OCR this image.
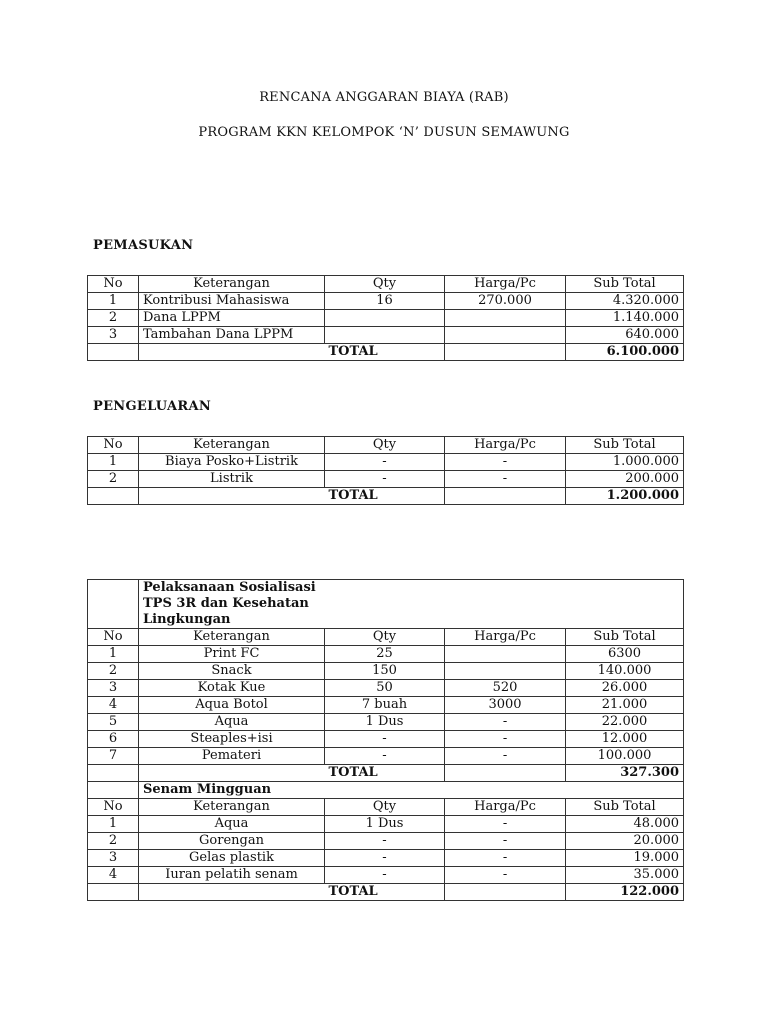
RENCANA ANGGARAN BIAYA (RAB)
PROGRAM KKN KELOMPOK ‘N’ DUSUN SEMAWUNG
PEMASUKAN
No	Keterangan	Qty	Harga/Pc	Sub Total
1	Kontribusi Mahasiswa	16	270.000	4.320.000
2	Dana LPPM			1.140.000
3	Tambahan Dana LPPM			640.000
		TOTAL		6.100.000
PENGELUARAN
No	Keterangan	Qty	Harga/Pc	Sub Total
1	Biaya Posko+Listrik	-	-	1.000.000
2	Listrik	-	-	200.000
		TOTAL		1.200.000

	Pelaksanaan Sosialisasi
TPS 3R dan Kesehatan
Lingkungan			

No	Keterangan	Qty	Harga/Pc	Sub Total
1	Print FC	25		6300
2	Snack	150		140.000
3	Kotak Kue	50	520	26.000
4	Aqua Botol	7 buah	3000	21.000
5	Aqua	1 Dus	-	22.000
6	Steaples+isi	-	-	12.000
7	Pemateri	-	-	100.000
		TOTAL		327.300
	Senam Mingguan			
No	Keterangan	Qty	Harga/Pc	Sub Total
1	Aqua	1 Dus	-	48.000
2	Gorengan	-	-	20.000
3	Gelas plastik	-	-	19.000
4	Iuran pelatih senam	-	-	35.000
		TOTAL		122.000
